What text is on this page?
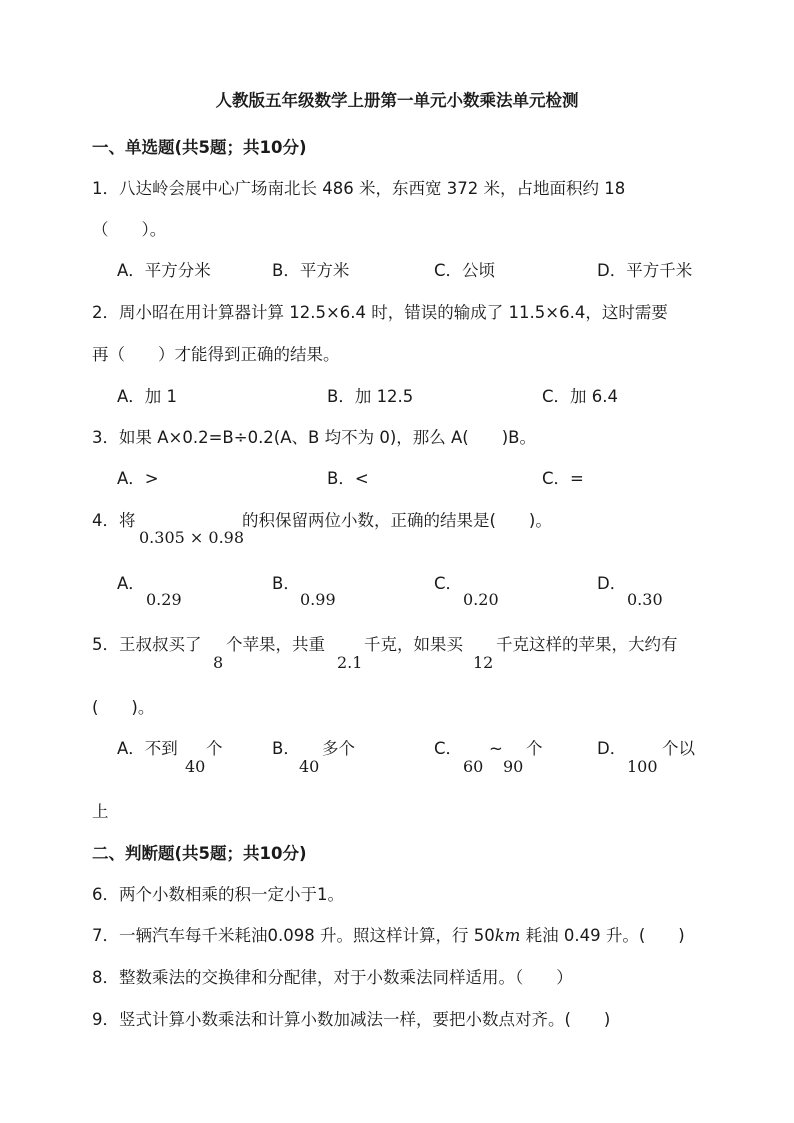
人教版五年级数学上册第一单元小数乘法单元检测
一、单选题(共5题；共10分)
1．八达岭会展中心广场南北长 486 米，东西宽 372 米，占地面积约 18
（　　）。
A．平方分米	B．平方米	C．公顷	D．平方千米
2．周小昭在用计算器计算 12.5×6.4 时，错误的输成了 11.5×6.4，这时需要
再（　　）才能得到正确的结果。
A．加 1	B．加 12.5	C．加 6.4
3．如果 A×0.2=B÷0.2(A、B 均不为 0)，那么 A(　　)B。
A．>	B．<	C．=
4．将
0.305 × 0.98
的积保留两位小数，正确的结果是(　　)。
A．
0.29
B．
0.99
C．
0.20
D．
0.30
5．王叔叔买了
8
个苹果，共重
2.1
千克，如果买
12
千克这样的苹果，大约有
(　　)。
A．不到
40
个	B．
40
多个	C．
60
~
90
个	D．
100
个以
上
二、判断题(共5题；共10分)
6．两个小数相乘的积一定小于1。
7．一辆汽车每千米耗油0.098 升。照这样计算，行 50km 耗油 0.49 升。(　　)
8．整数乘法的交换律和分配律，对于小数乘法同样适用。（　　）
9．竖式计算小数乘法和计算小数加减法一样，要把小数点对齐。(　　)
